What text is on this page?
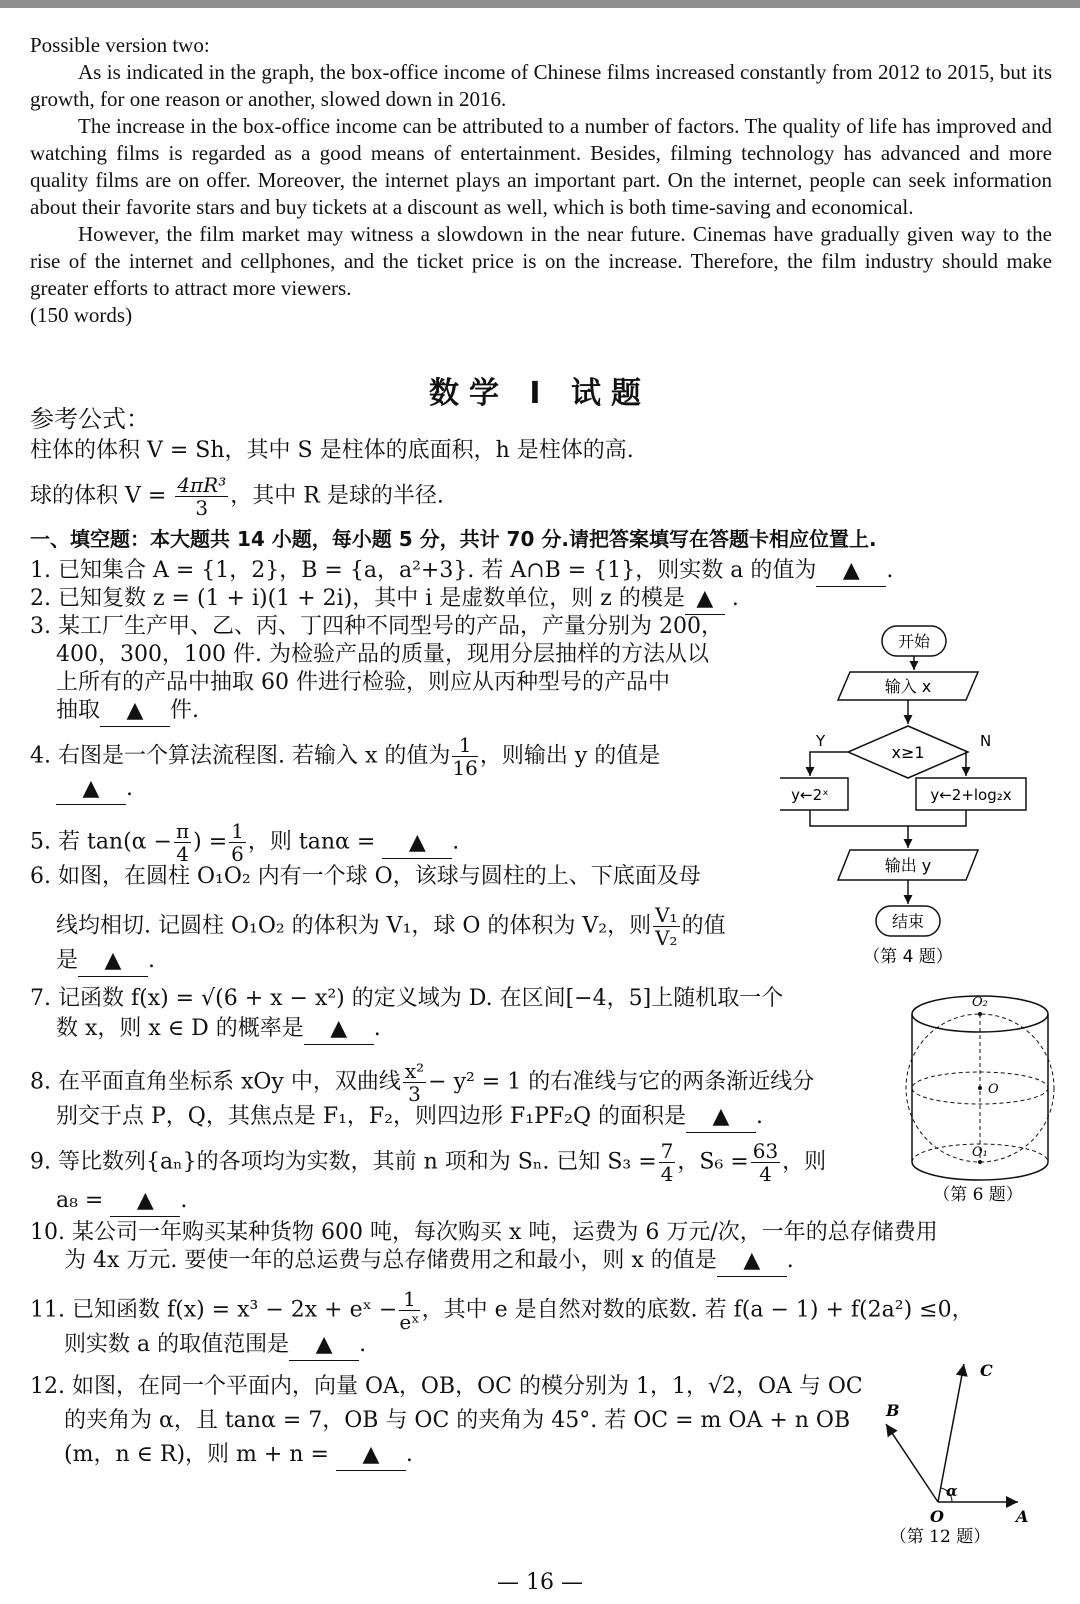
Possible version two:

As is indicated in the graph, the box-office income of Chinese films increased constantly from 2012 to 2015, but its growth, for one reason or another, slowed down in 2016.

The increase in the box-office income can be attributed to a number of factors. The quality of life has improved and watching films is regarded as a good means of entertainment. Besides, filming technology has advanced and more quality films are on offer. Moreover, the internet plays an important part. On the internet, people can seek information about their favorite stars and buy tickets at a discount as well, which is both time-saving and economical.

However, the film market may witness a slowdown in the near future. Cinemas have gradually given way to the rise of the internet and cellphones, and the ticket price is on the increase. Therefore, the film industry should make greater efforts to attract more viewers.

(150 words)

数学 Ⅰ 试题
参考公式：
柱体的体积 V = Sh，其中 S 是柱体的底面积，h 是柱体的高.
球的体积 $V = \frac{\text{4πR³}}{3}$ ，其中 R 是球的半径.
一、填空题：本大题共 14 小题，每小题 5 分，共计 70 分.请把答案填写在答题卡相应位置上.
1. 已知集合 A = {1，2}，B = {a，a²+3}. 若 A∩B = {1}，则实数 a 的值为 ▲ .
2. 已知复数 z = (1 + i)(1 + 2i)，其中 i 是虚数单位，则 z 的模是 ▲ .
3. 某工厂生产甲、乙、丙、丁四种不同型号的产品，产量分别为 200，
400，300，100 件. 为检验产品的质量，现用分层抽样的方法从以
上所有的产品中抽取 60 件进行检验，则应从丙种型号的产品中
抽取 ▲ 件.
4. 右图是一个算法流程图. 若输入 x 的值为 $\frac{1}{16}$ ，则输出 y 的值是
▲ .
5. 若 $\tan(\alpha - \frac{\pi}{4}$ ) = $\frac{1}{6}$ ，则 tanα = ▲ .
6. 如图，在圆柱 O₁O₂ 内有一个球 O，该球与圆柱的上、下底面及母
线均相切. 记圆柱 O₁O₂ 的体积为 V₁，球 O 的体积为 V₂，则 $\frac{\text{V₁}}{\text{V₂}}$ 的值
是 ▲ .
7. 记函数 f(x) = √(6 + x − x²) 的定义域为 D. 在区间[−4，5]上随机取一个
数 x，则 x ∈ D 的概率是 ▲ .
8. 在平面直角坐标系 xOy 中，双曲线 $\frac{\text{x²}}{3} - y^2 = 1$ 的右准线与它的两条渐近线分
别交于点 P，Q，其焦点是 F₁，F₂，则四边形 F₁PF₂Q 的面积是 ▲ .
9. 等比数列{aₙ}的各项均为实数，其前 n 项和为 Sₙ. 已知 $S_3 = \frac{7}{4}$ ，$S_6 = \frac{63}{4}$ ，则
a₈ = ▲ .
10. 某公司一年购买某种货物 600 吨，每次购买 x 吨，运费为 6 万元/次，一年的总存储费用
为 4x 万元. 要使一年的总运费与总存储费用之和最小，则 x 的值是 ▲ .
11. 已知函数 f(x) = x³ − 2x + eˣ − $\frac{1}{\text{eˣ}}$ ，其中 e 是自然对数的底数. 若 f(a − 1) + f(2a²) ≤0，
则实数 a 的取值范围是 ▲ .
12. 如图，在同一个平面内，向量 OA，OB，OC 的模分别为 1，1，√2，OA 与 OC
的夹角为 α，且 tanα = 7，OB 与 OC 的夹角为 45°. 若 OC = m OA + n OB
(m，n ∈ R)，则 m + n = ▲ .
开始
输入 x
x≥1
Y	N
y←2ˣ	y←2+log₂x
输出 y
结束
（第 4 题）
O₂
O
O₁
（第 6 题）
C
B
α
O	A
（第 12 题）
— 16 —
